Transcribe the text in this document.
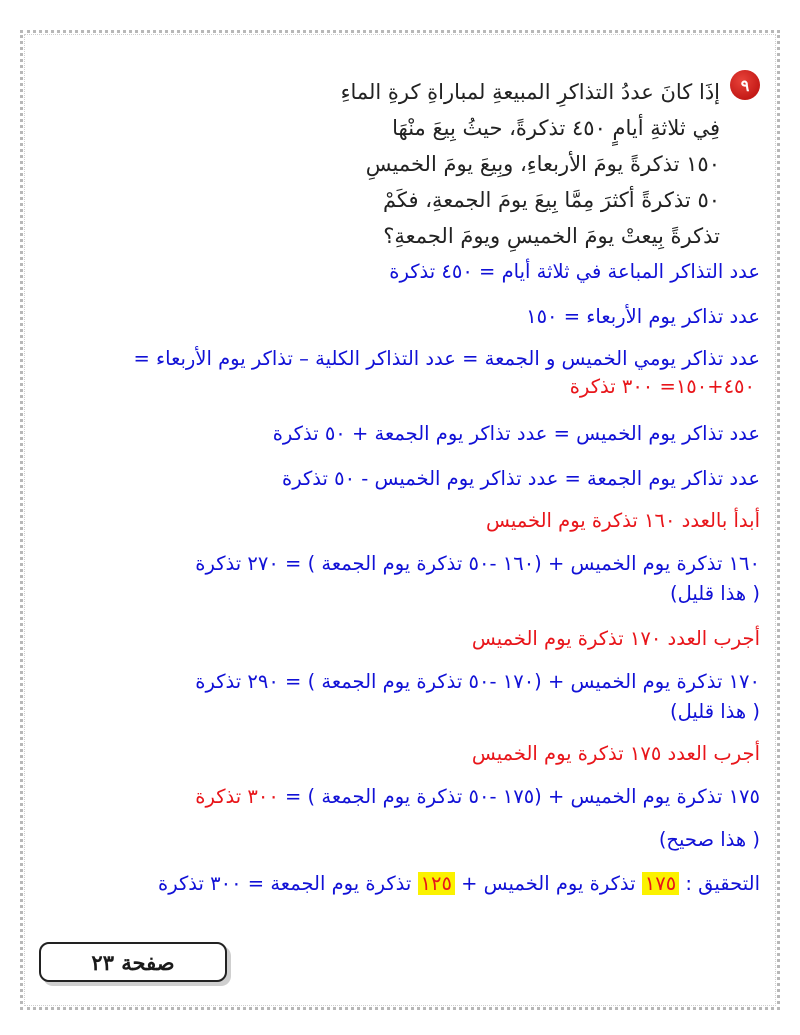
٩
إذَا كانَ عددُ التذاكرِ المبيعةِ لمباراةِ كرةِ الماءِ
فِي ثلاثةِ أيامٍ ٤٥٠ تذكرةً، حيثُ بِيعَ منْهَا
١٥٠ تذكرةً يومَ الأربعاءِ، وبِيعَ يومَ الخميسِ
٥٠ تذكرةً أكثرَ مِمَّا بِيعَ يومَ الجمعةِ، فكَمْ
تذكرةً بِيعتْ يومَ الخميسِ ويومَ الجمعةِ؟
عدد التذاكر المباعة في ثلاثة أيام = ٤٥٠ تذكرة
عدد تذاكر يوم الأربعاء = ١٥٠
عدد تذاكر يومي الخميس و الجمعة = عدد التذاكر الكلية – تذاكر يوم الأربعاء =
٤٥٠+١٥٠= ٣٠٠ تذكرة
عدد تذاكر يوم الخميس = عدد تذاكر يوم الجمعة + ٥٠ تذكرة
عدد تذاكر يوم الجمعة = عدد تذاكر يوم الخميس - ٥٠ تذكرة
أبدأ بالعدد ١٦٠ تذكرة يوم الخميس
١٦٠ تذكرة يوم الخميس + (١٦٠ -٥٠ تذكرة يوم الجمعة ) = ٢٧٠ تذكرة
( هذا قليل)
أجرب العدد ١٧٠ تذكرة يوم الخميس
١٧٠ تذكرة يوم الخميس + (١٧٠ -٥٠ تذكرة يوم الجمعة ) = ٢٩٠ تذكرة
( هذا قليل)
أجرب العدد ١٧٥ تذكرة يوم الخميس
١٧٥ تذكرة يوم الخميس + (١٧٥ -٥٠ تذكرة يوم الجمعة ) = ٣٠٠ تذكرة
( هذا صحيح)
التحقيق : ١٧٥ تذكرة يوم الخميس + ١٢٥ تذكرة يوم الجمعة = ٣٠٠ تذكرة
صفحة ٢٣
